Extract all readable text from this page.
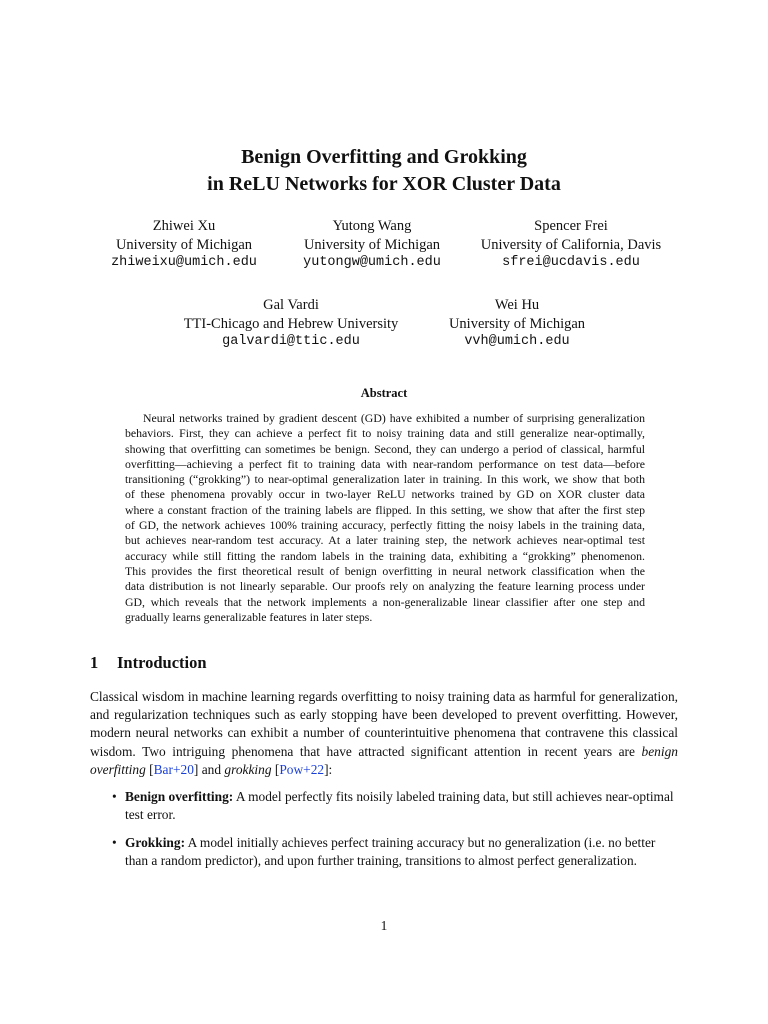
Benign Overfitting and Grokking
in ReLU Networks for XOR Cluster Data
Zhiwei Xu
University of Michigan
zhiweixu@umich.edu
Yutong Wang
University of Michigan
yutongw@umich.edu
Spencer Frei
University of California, Davis
sfrei@ucdavis.edu
Gal Vardi
TTI-Chicago and Hebrew University
galvardi@ttic.edu
Wei Hu
University of Michigan
vvh@umich.edu
Abstract
Neural networks trained by gradient descent (GD) have exhibited a number of surprising generalization
behaviors. First, they can achieve a perfect fit to noisy training data and still generalize near-optimally,
showing that overfitting can sometimes be benign. Second, they can undergo a period of classical, harmful
overfitting—achieving a perfect fit to training data with near-random performance on test data—before
transitioning (“grokking”) to near-optimal generalization later in training. In this work, we show that both
of these phenomena provably occur in two-layer ReLU networks trained by GD on XOR cluster data
where a constant fraction of the training labels are flipped. In this setting, we show that after the first step
of GD, the network achieves 100% training accuracy, perfectly fitting the noisy labels in the training data,
but achieves near-random test accuracy. At a later training step, the network achieves near-optimal test
accuracy while still fitting the random labels in the training data, exhibiting a “grokking” phenomenon.
This provides the first theoretical result of benign overfitting in neural network classification when the
data distribution is not linearly separable. Our proofs rely on analyzing the feature learning process under
GD, which reveals that the network implements a non-generalizable linear classifier after one step and
gradually learns generalizable features in later steps.
1 Introduction
Classical wisdom in machine learning regards overfitting to noisy training data as harmful for generalization,
and regularization techniques such as early stopping have been developed to prevent overfitting. However,
modern neural networks can exhibit a number of counterintuitive phenomena that contravene this classical
wisdom. Two intriguing phenomena that have attracted significant attention in recent years are benign
overfitting [Bar+20] and grokking [Pow+22]:
• Benign overfitting: A model perfectly fits noisily labeled training data, but still achieves near-optimal
test error.
• Grokking: A model initially achieves perfect training accuracy but no generalization (i.e. no better
than a random predictor), and upon further training, transitions to almost perfect generalization.
1
